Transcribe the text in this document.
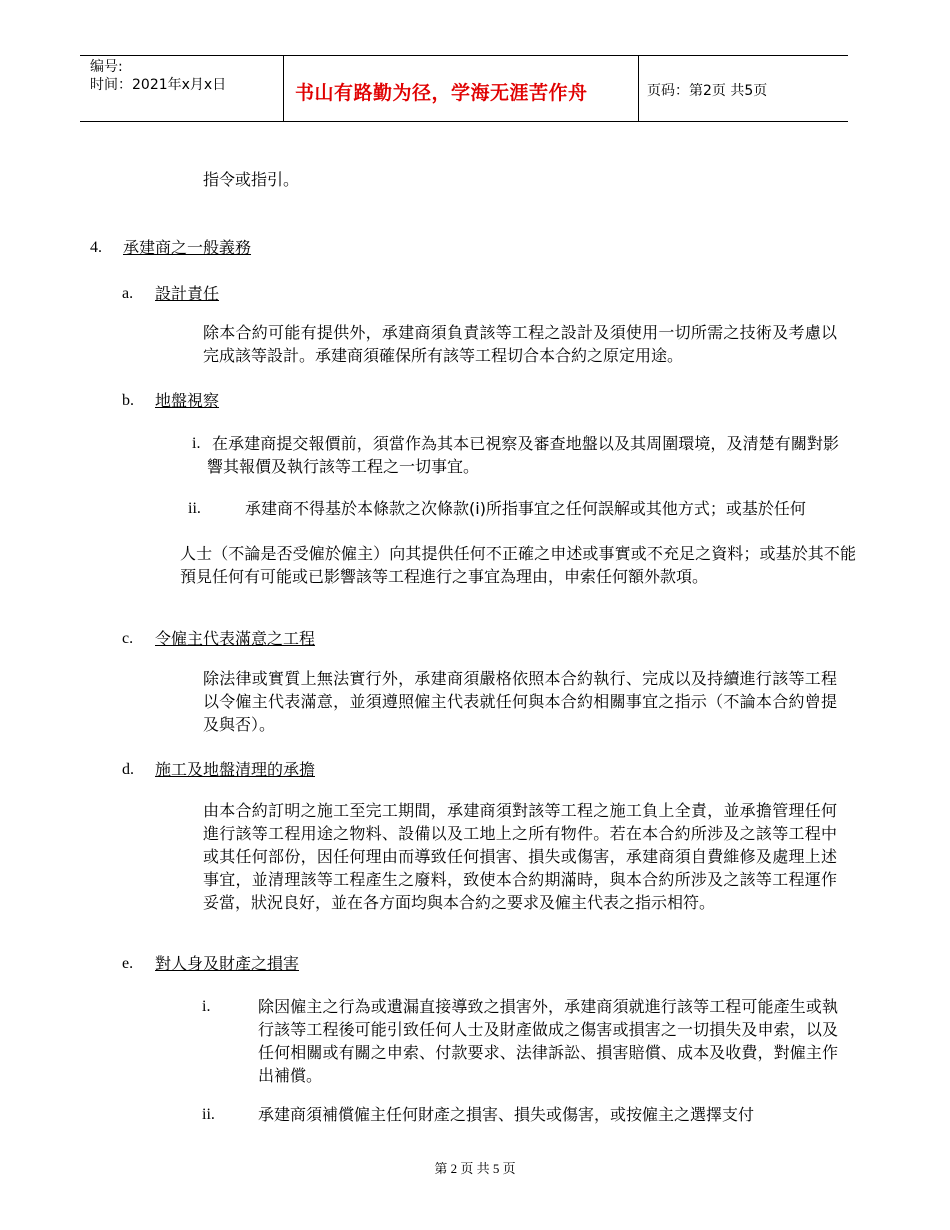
编号:
时间：2021年x月x日	书山有路勤为径，学海无涯苦作舟	页码：第2页 共5页
指令或指引。
4. 承建商之一般義務
a. 設計責任
除本合約可能有提供外，承建商須負責該等工程之設計及須使用一切所需之技術及考慮以完成該等設計。承建商須確保所有該等工程切合本合約之原定用途。
b. 地盤視察
i. 在承建商提交報價前，須當作為其本已視察及審查地盤以及其周圍環境，及清楚有關對影響其報價及執行該等工程之一切事宜。
ii.	承建商不得基於本條款之次條款(i)所指事宜之任何誤解或其他方式；或基於任何
人士（不論是否受僱於僱主）向其提供任何不正確之申述或事實或不充足之資料；或基於其不能預見任何有可能或已影響該等工程進行之事宜為理由，申索任何額外款項。
c. 令僱主代表滿意之工程
除法律或實質上無法實行外，承建商須嚴格依照本合約執行、完成以及持續進行該等工程以令僱主代表滿意，並須遵照僱主代表就任何與本合約相關事宜之指示（不論本合約曾提及與否）。
d. 施工及地盤清理的承擔
由本合約訂明之施工至完工期間，承建商須對該等工程之施工負上全責，並承擔管理任何進行該等工程用途之物料、設備以及工地上之所有物件。若在本合約所涉及之該等工程中或其任何部份，因任何理由而導致任何損害、損失或傷害，承建商須自費維修及處理上述事宜，並清理該等工程產生之廢料，致使本合約期滿時，與本合約所涉及之該等工程運作妥當，狀況良好，並在各方面均與本合約之要求及僱主代表之指示相符。
e. 對人身及財產之損害
i.	除因僱主之行為或遺漏直接導致之損害外，承建商須就進行該等工程可能產生或執行該等工程後可能引致任何人士及財產做成之傷害或損害之一切損失及申索，以及任何相關或有關之申索、付款要求、法律訴訟、損害賠償、成本及收費，對僱主作出補償。
ii.	承建商須補償僱主任何財產之損害、損失或傷害，或按僱主之選擇支付
第 2 页 共 5 页
